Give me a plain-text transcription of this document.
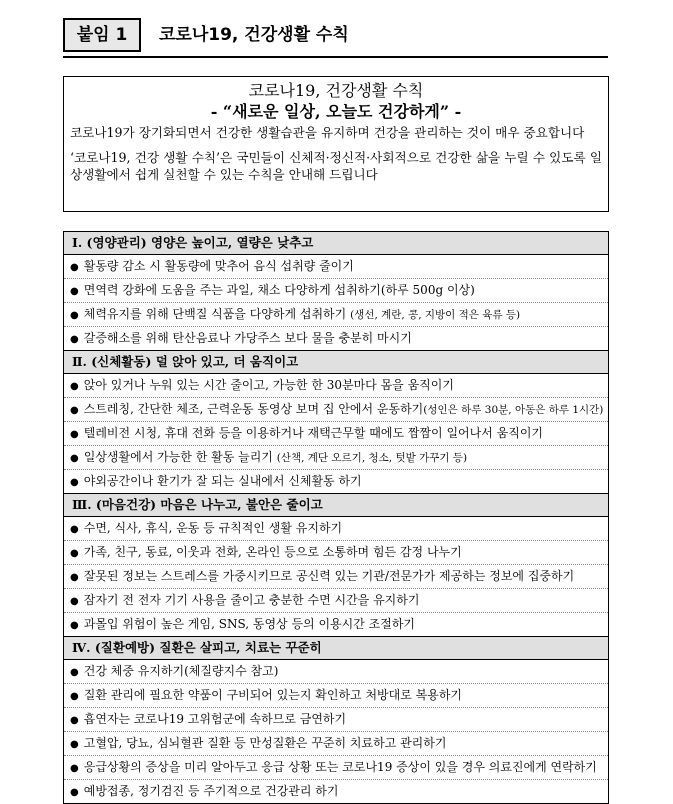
붙임 1	코로나19, 건강생활 수칙
코로나19, 건강생활 수칙
- “새로운 일상, 오늘도 건강하게” -

코로나19가 장기화되면서 건강한 생활습관을 유지하며 건강을 관리하는 것이 매우 중요합니다

‘코로나19, 건강 생활 수칙’은 국민들이 신체적·정신적·사회적으로 건강한 삶을 누릴 수 있도록 일상생활에서 쉽게 실천할 수 있는 수칙을 안내해 드립니다

Ⅰ. (영양관리) 영양은 높이고, 열량은 낮추고
● 활동량 감소 시 활동량에 맞추어 음식 섭취량 줄이기
● 면역력 강화에 도움을 주는 과일, 채소 다양하게 섭취하기(하루 500g 이상)
● 체력유지를 위해 단백질 식품을 다양하게 섭취하기 (생선, 계란, 콩, 지방이 적은 육류 등)
● 갈증해소를 위해 탄산음료나 가당주스 보다 물을 충분히 마시기
Ⅱ. (신체활동) 덜 앉아 있고, 더 움직이고
● 앉아 있거나 누워 있는 시간 줄이고, 가능한 한 30분마다 몸을 움직이기
● 스트레칭, 간단한 체조, 근력운동 동영상 보며 집 안에서 운동하기(성인은 하루 30분, 아동은 하루 1시간)
● 텔레비전 시청, 휴대 전화 등을 이용하거나 재택근무할 때에도 짬짬이 일어나서 움직이기
● 일상생활에서 가능한 한 활동 늘리기 (산책, 계단 오르기, 청소, 텃밭 가꾸기 등)
● 야외공간이나 환기가 잘 되는 실내에서 신체활동 하기
Ⅲ. (마음건강) 마음은 나누고, 불안은 줄이고
● 수면, 식사, 휴식, 운동 등 규칙적인 생활 유지하기
● 가족, 친구, 동료, 이웃과 전화, 온라인 등으로 소통하며 힘든 감정 나누기
● 잘못된 정보는 스트레스를 가중시키므로 공신력 있는 기관/전문가가 제공하는 정보에 집중하기
● 잠자기 전 전자 기기 사용을 줄이고 충분한 수면 시간을 유지하기
● 과몰입 위험이 높은 게임, SNS, 동영상 등의 이용시간 조절하기
Ⅳ. (질환예방) 질환은 살피고, 치료는 꾸준히
● 건강 체중 유지하기(체질량지수 참고)
● 질환 관리에 필요한 약품이 구비되어 있는지 확인하고 처방대로 복용하기
● 흡연자는 코로나19 고위험군에 속하므로 금연하기
● 고혈압, 당뇨, 심뇌혈관 질환 등 만성질환은 꾸준히 치료하고 관리하기
● 응급상황의 증상을 미리 알아두고 응급 상황 또는 코로나19 증상이 있을 경우 의료진에게 연락하기
● 예방접종, 정기검진 등 주기적으로 건강관리 하기
